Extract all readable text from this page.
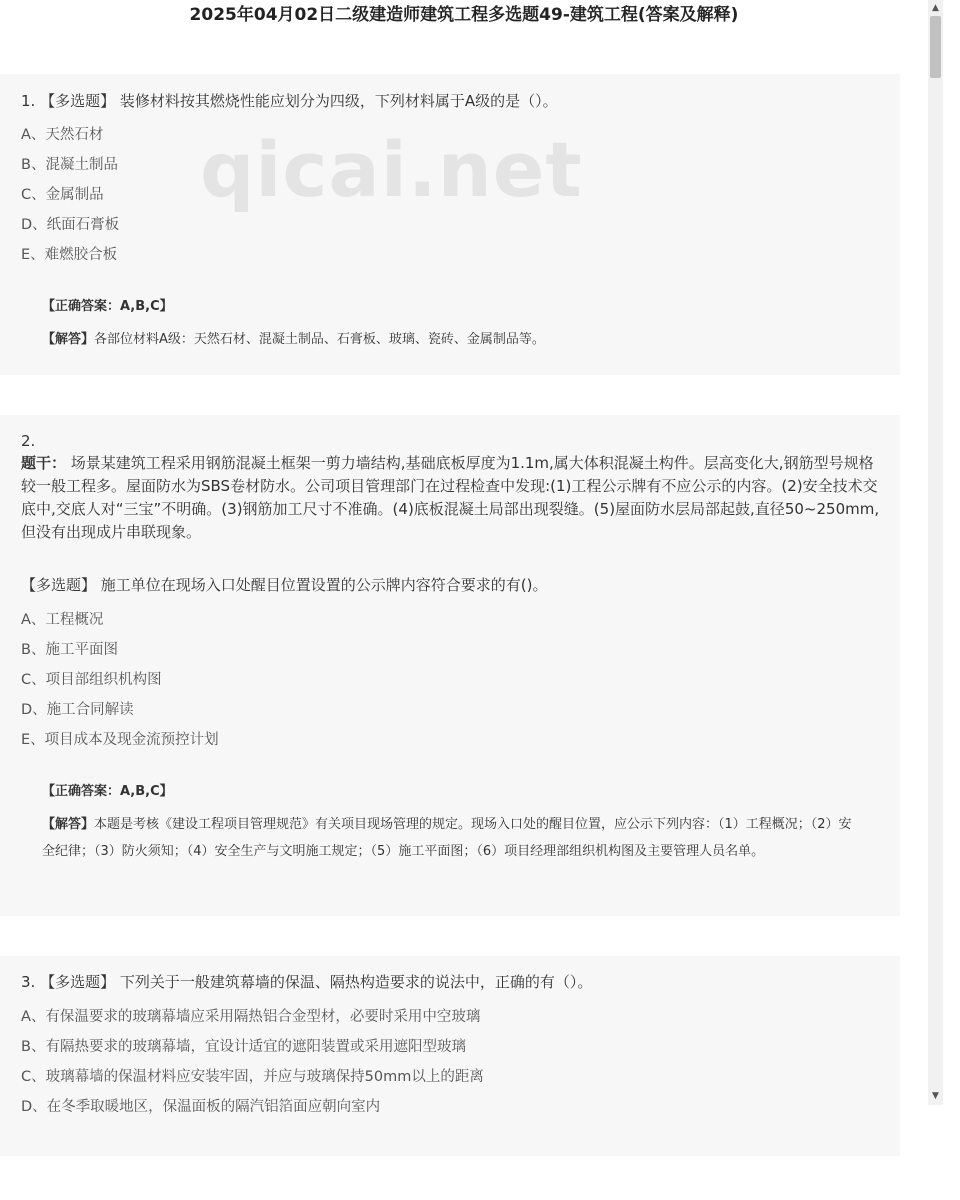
2025年04月02日二级建造师建筑工程多选题49-建筑工程(答案及解释)
1. 【多选题】 装修材料按其燃烧性能应划分为四级，下列材料属于A级的是（）。
A、天然石材
B、混凝土制品
C、金属制品
D、纸面石膏板
E、难燃胶合板
【正确答案：A,B,C】
【解答】各部位材料A级：天然石材、混凝土制品、石膏板、玻璃、瓷砖、金属制品等。
2.
题干： 场景某建筑工程采用钢筋混凝土框架一剪力墙结构,基础底板厚度为1.1m,属大体积混凝土构件。层高变化大,钢筋型号规格较一般工程多。屋面防水为SBS卷材防水。公司项目管理部门在过程检查中发现:(1)工程公示牌有不应公示的内容。(2)安全技术交底中,交底人对“三宝”不明确。(3)钢筋加工尺寸不准确。(4)底板混凝土局部出现裂缝。(5)屋面防水层局部起鼓,直径50~250mm,但没有出现成片串联现象。
【多选题】 施工单位在现场入口处醒目位置设置的公示牌内容符合要求的有()。
A、工程概况
B、施工平面图
C、项目部组织机构图
D、施工合同解读
E、项目成本及现金流预控计划
【正确答案：A,B,C】
【解答】本题是考核《建设工程项目管理规范》有关项目现场管理的规定。现场入口处的醒目位置，应公示下列内容：（1）工程概况；（2）安全纪律；（3）防火须知；（4）安全生产与文明施工规定；（5）施工平面图；（6）项目经理部组织机构图及主要管理人员名单。
3. 【多选题】 下列关于一般建筑幕墙的保温、隔热构造要求的说法中，正确的有（）。
A、有保温要求的玻璃幕墙应采用隔热铝合金型材，必要时采用中空玻璃
B、有隔热要求的玻璃幕墙，宜设计适宜的遮阳装置或采用遮阳型玻璃
C、玻璃幕墙的保温材料应安装牢固，并应与玻璃保持50mm以上的距离
D、在冬季取暖地区，保温面板的隔汽铝箔面应朝向室内
qicai.net
▲
▼
